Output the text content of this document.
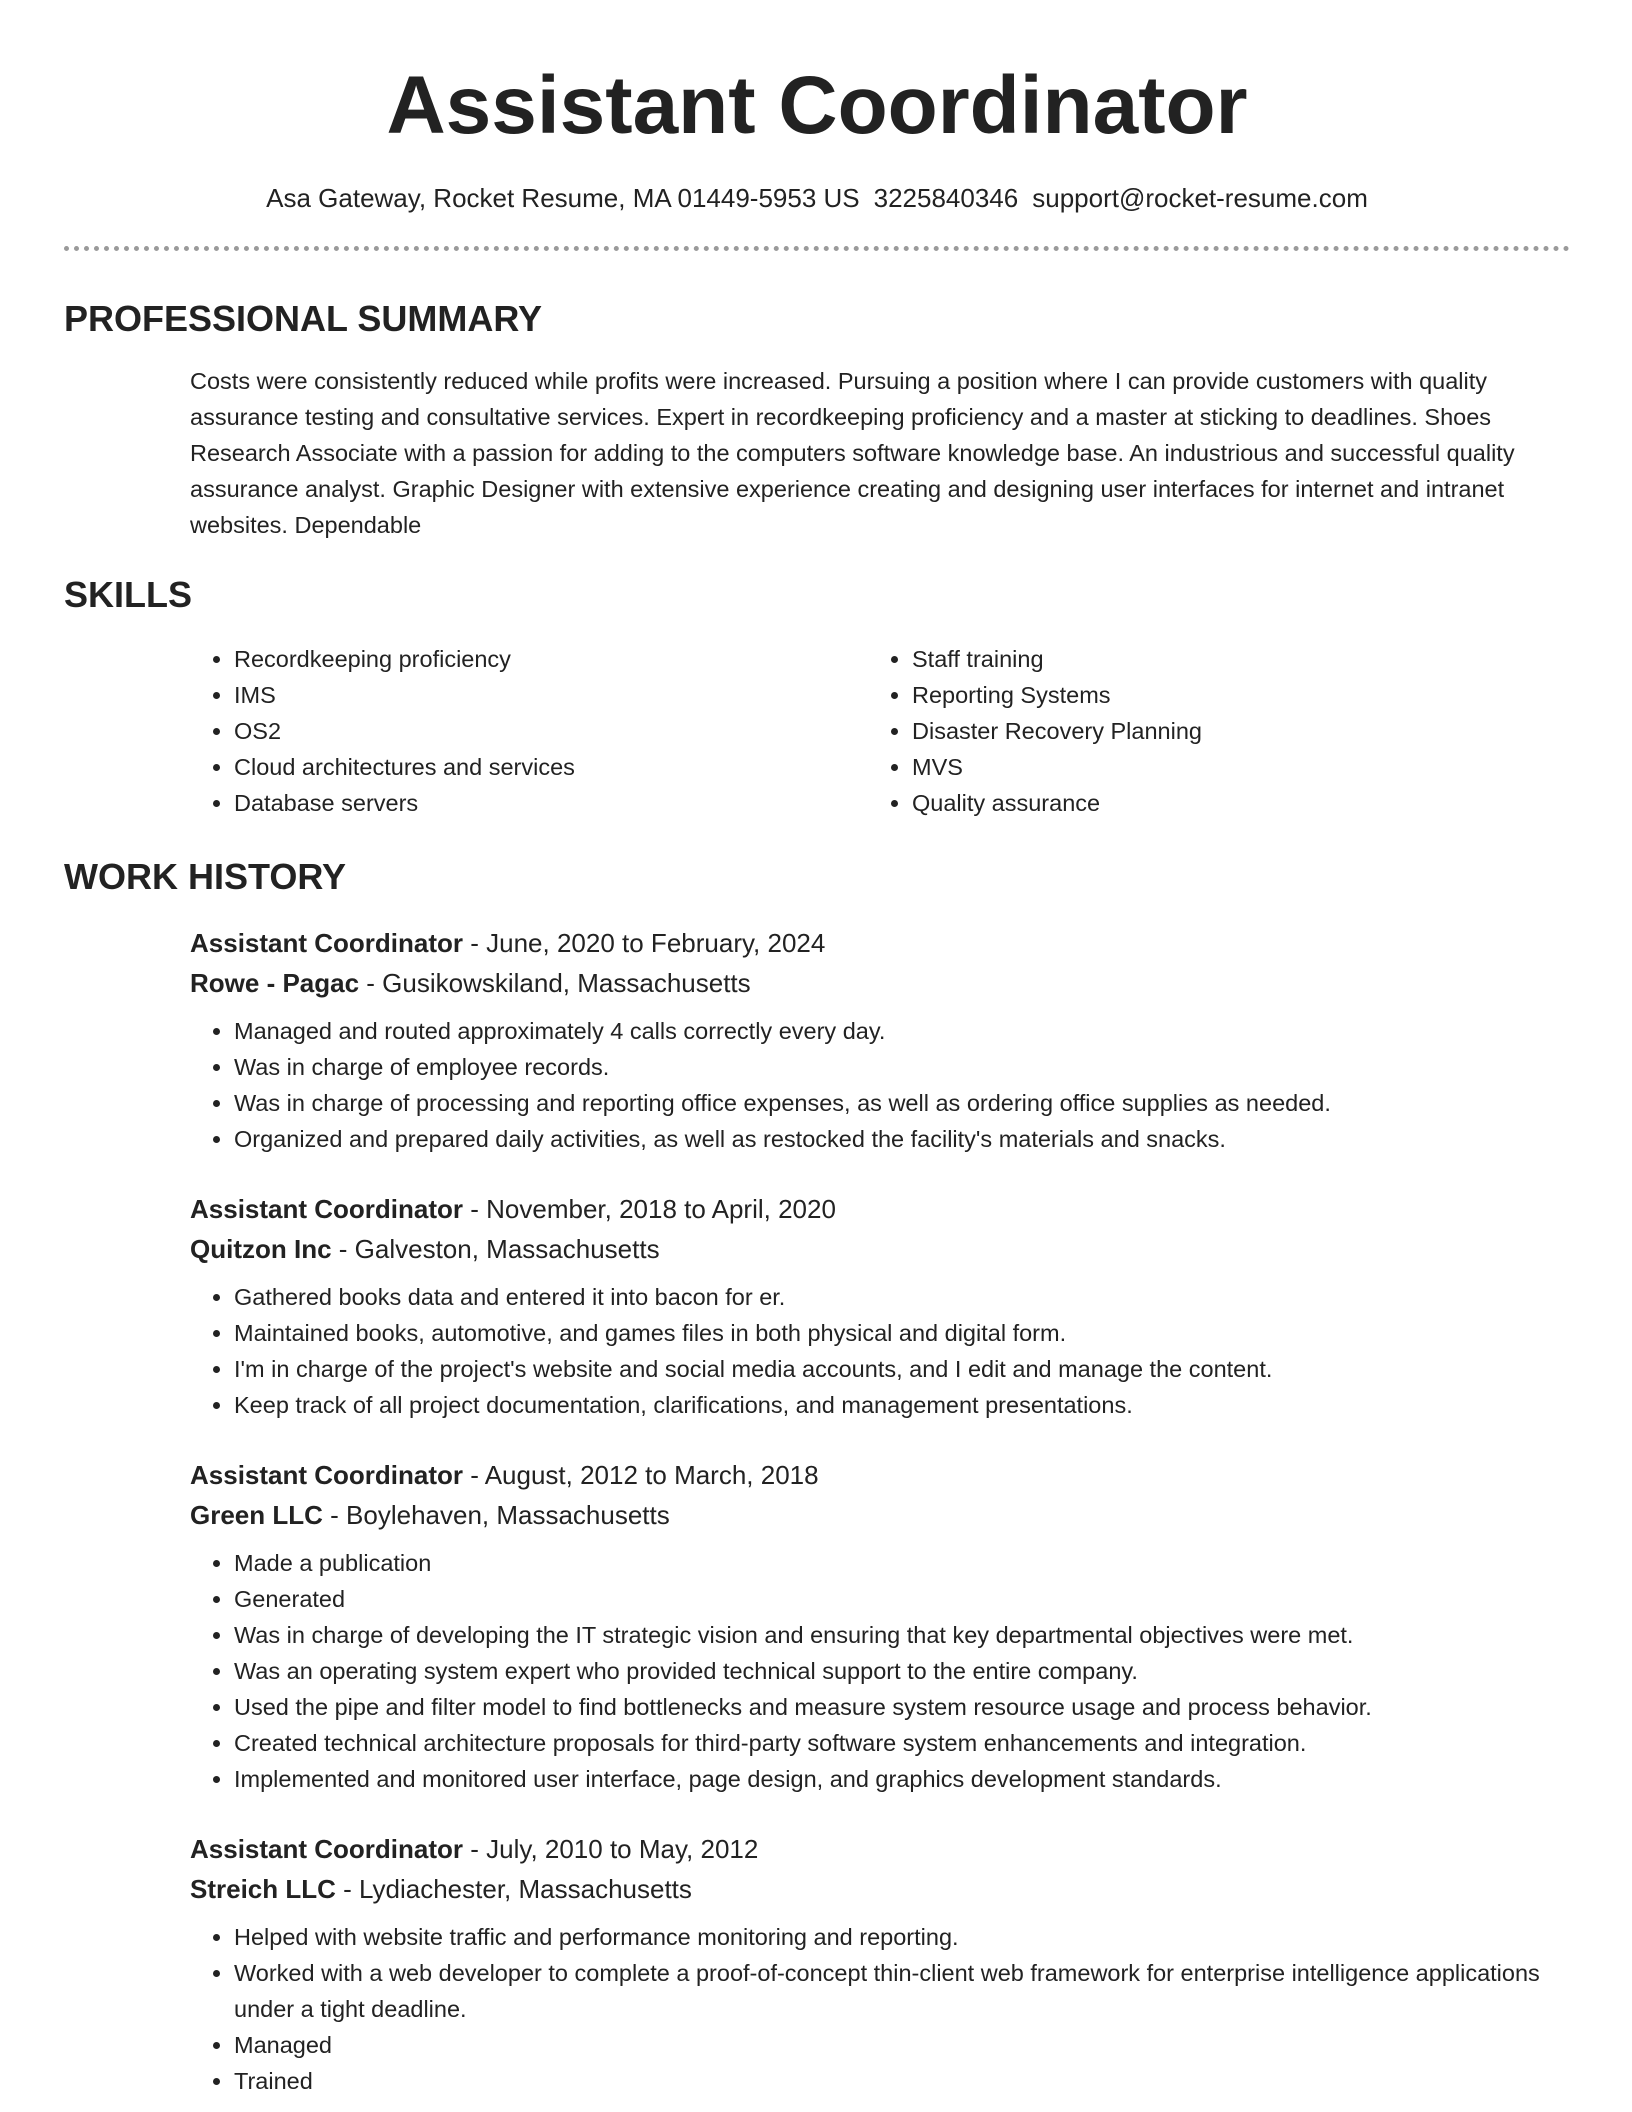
Assistant Coordinator
Asa Gateway, Rocket Resume, MA 01449-5953 US 3225840346 support@rocket-resume.com
PROFESSIONAL SUMMARY

Costs were consistently reduced while profits were increased. Pursuing a position where I can provide customers with quality assurance testing and consultative services. Expert in recordkeeping proficiency and a master at sticking to deadlines. Shoes Research Associate with a passion for adding to the computers software knowledge base. An industrious and successful quality assurance analyst. Graphic Designer with extensive experience creating and designing user interfaces for internet and intranet websites. Dependable

SKILLS
• Recordkeeping proficiency
• IMS
• OS2
• Cloud architectures and services
• Database servers
• Staff training
• Reporting Systems
• Disaster Recovery Planning
• MVS
• Quality assurance
WORK HISTORY
Assistant Coordinator - June, 2020 to February, 2024
Rowe - Pagac - Gusikowskiland, Massachusetts
• Managed and routed approximately 4 calls correctly every day.
• Was in charge of employee records.
• Was in charge of processing and reporting office expenses, as well as ordering office supplies as needed.
• Organized and prepared daily activities, as well as restocked the facility's materials and snacks.
Assistant Coordinator - November, 2018 to April, 2020
Quitzon Inc - Galveston, Massachusetts
• Gathered books data and entered it into bacon for er.
• Maintained books, automotive, and games files in both physical and digital form.
• I'm in charge of the project's website and social media accounts, and I edit and manage the content.
• Keep track of all project documentation, clarifications, and management presentations.
Assistant Coordinator - August, 2012 to March, 2018
Green LLC - Boylehaven, Massachusetts
• Made a publication
• Generated
• Was in charge of developing the IT strategic vision and ensuring that key departmental objectives were met.
• Was an operating system expert who provided technical support to the entire company.
• Used the pipe and filter model to find bottlenecks and measure system resource usage and process behavior.
• Created technical architecture proposals for third-party software system enhancements and integration.
• Implemented and monitored user interface, page design, and graphics development standards.
Assistant Coordinator - July, 2010 to May, 2012
Streich LLC - Lydiachester, Massachusetts
• Helped with website traffic and performance monitoring and reporting.
• Worked with a web developer to complete a proof-of-concept thin-client web framework for enterprise intelligence applications under a tight deadline.
• Managed
• Trained
